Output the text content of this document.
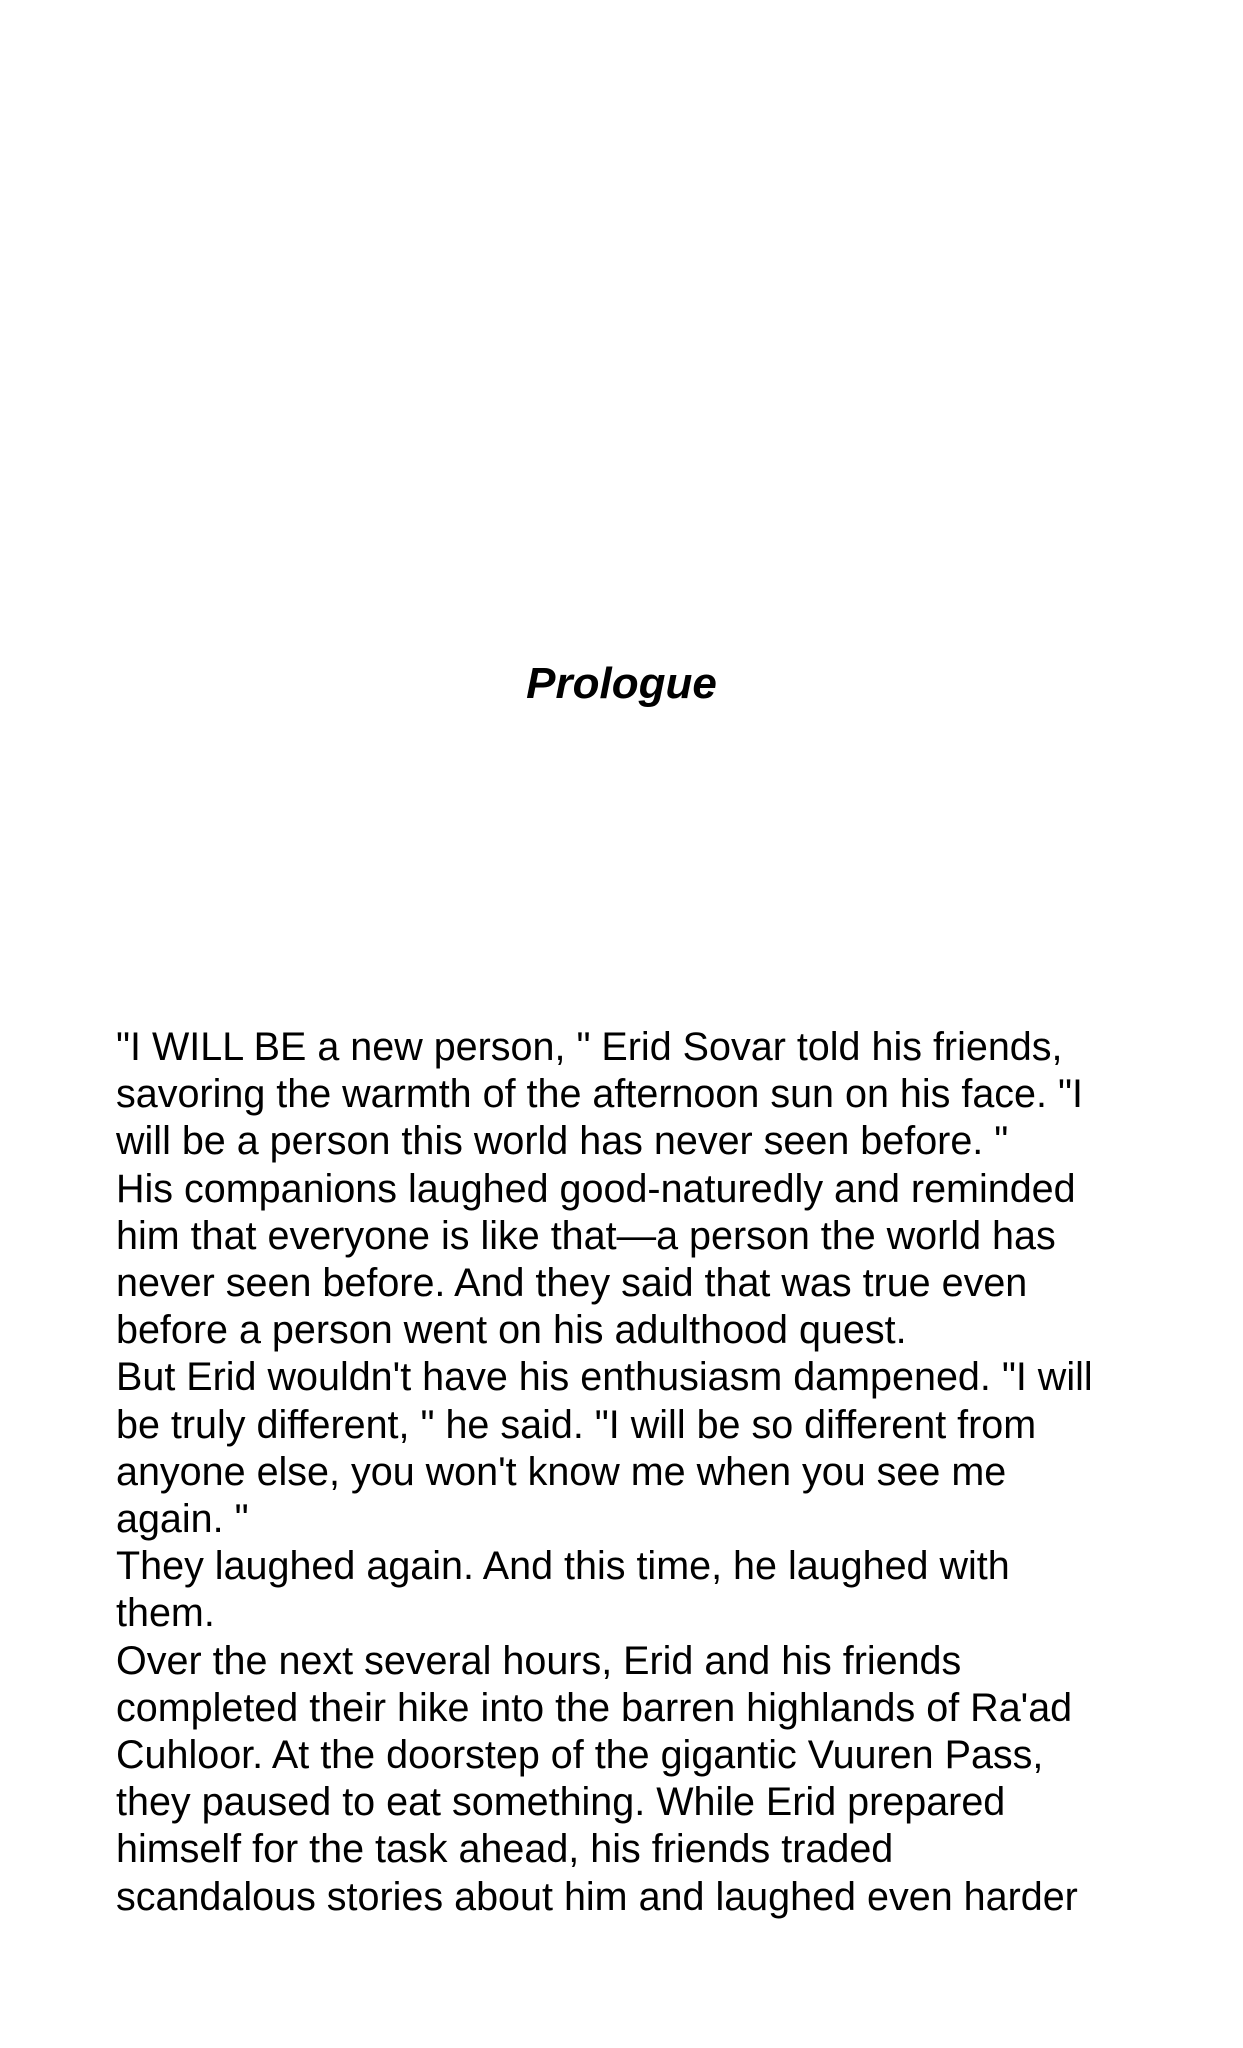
Prologue
"I WILL BE a new person, " Erid Sovar told his friends,
savoring the warmth of the afternoon sun on his face. "I
will be a person this world has never seen before. "
His companions laughed good-naturedly and reminded
him that everyone is like that—a person the world has
never seen before. And they said that was true even
before a person went on his adulthood quest.
But Erid wouldn't have his enthusiasm dampened. "I will
be truly different, " he said. "I will be so different from
anyone else, you won't know me when you see me
again. "
They laughed again. And this time, he laughed with
them.
Over the next several hours, Erid and his friends
completed their hike into the barren highlands of Ra'ad
Cuhloor. At the doorstep of the gigantic Vuuren Pass,
they paused to eat something. While Erid prepared
himself for the task ahead, his friends traded
scandalous stories about him and laughed even harder
